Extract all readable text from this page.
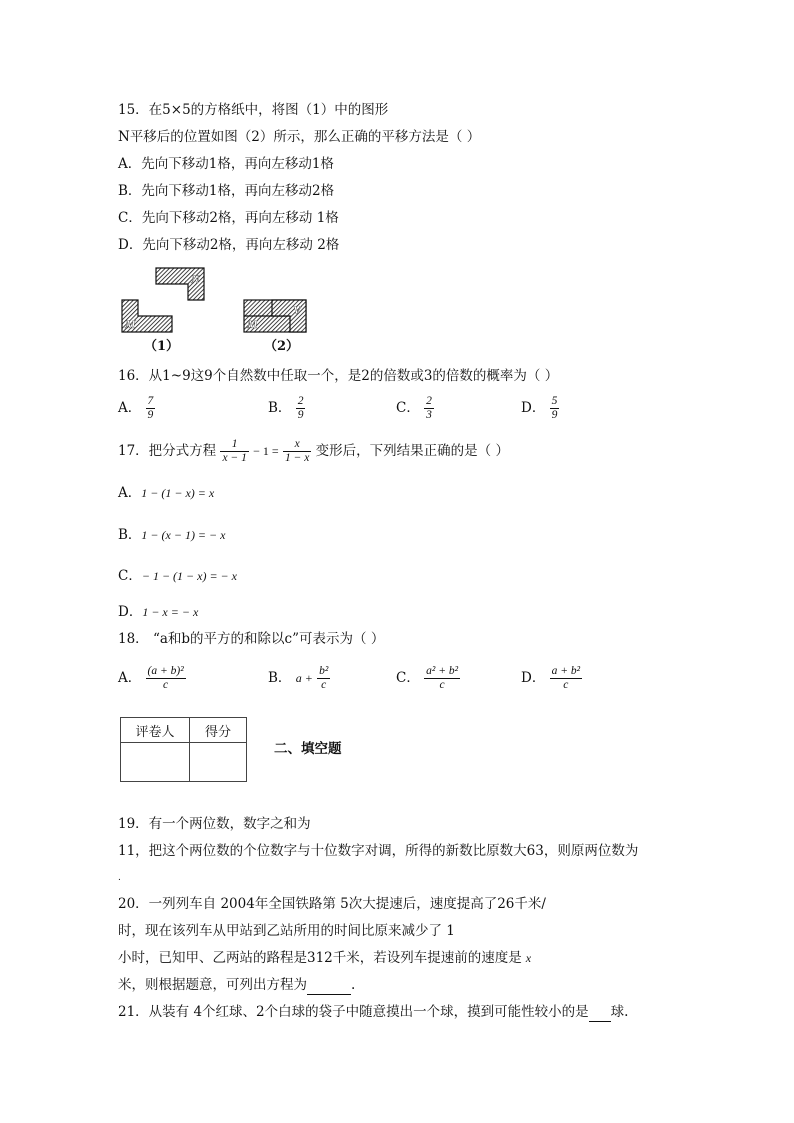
15．在5×5的方格纸中，将图（1）中的图形
N平移后的位置如图（2）所示，那么正确的平移方法是（ ）
A．先向下移动1格，再向左移动1格
B．先向下移动1格，再向左移动2格
C．先向下移动2格，再向左移动 1格
D．先向下移动2格，再向左移动 2格
N
M
（1）
M
V
（2）
16．从1~9这9个自然数中任取一个，是2的倍数或3的倍数的概率为（ ）
A． $\frac{7}{9}$	B． $\frac{2}{9}$	C． $\frac{2}{3}$	D． $\frac{5}{9}$
17．把分式方程 $\frac{1}{x - 1} - 1 = \frac{x}{1 - x}$ 变形后，下列结果正确的是（ ）
A．1 − (1 − x) = x
B．1 − (x − 1) = − x
C．− 1 − (1 − x) = − x
D．1 − x = − x
18． “a和b的平方的和除以c”可表示为（ ）
A． $\frac{\text{(a + b)²}}{c}$	B． $a + \frac{\text{b²}}{c}$	C． $\frac{\text{a² + b²}}{c}$	D． $\frac{\text{a + b²}}{c}$
评卷人	得分

二、填空题
19．有一个两位数，数字之和为
11，把这个两位数的个位数字与十位数字对调，所得的新数比原数大63，则原两位数为
.
20．一列列车自 2004年全国铁路第 5次大提速后，速度提高了26千米/
时，现在该列车从甲站到乙站所用的时间比原来减少了 1
小时，已知甲、乙两站的路程是312千米，若设列车提速前的速度是 x
米，则根据题意，可列出方程为	.
21．从装有 4个红球、2个白球的袋子中随意摸出一个球，摸到可能性较小的是 球.
